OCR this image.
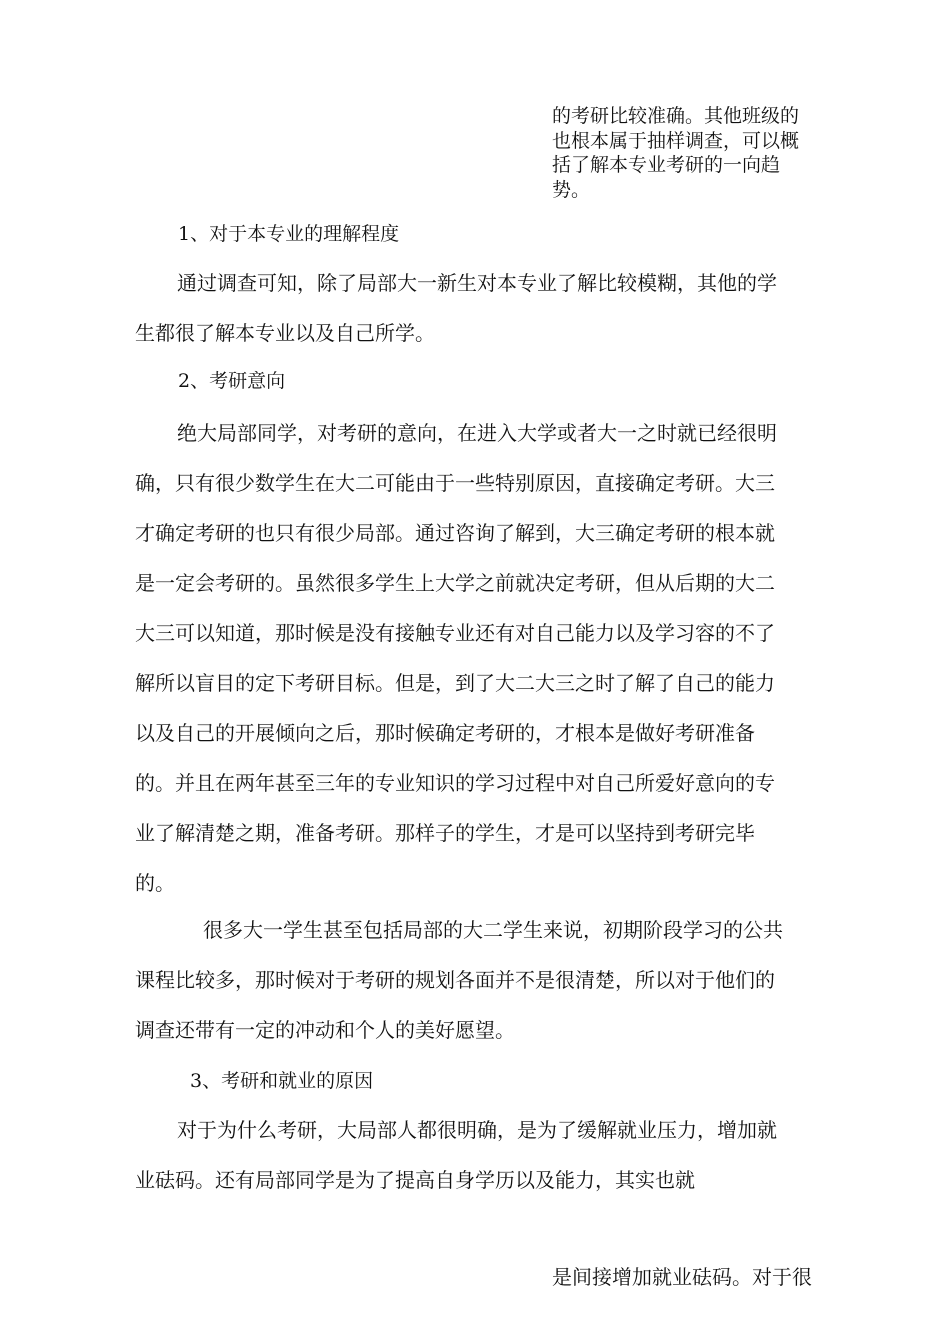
的考研比较准确。其他班级的
也根本属于抽样调查，可以概
括了解本专业考研的一向趋
势。
1、对于本专业的理解程度
通过调查可知，除了局部大一新生对本专业了解比较模糊，其他的学
生都很了解本专业以及自己所学。
2、考研意向
绝大局部同学，对考研的意向，在进入大学或者大一之时就已经很明
确，只有很少数学生在大二可能由于一些特别原因，直接确定考研。大三
才确定考研的也只有很少局部。通过咨询了解到，大三确定考研的根本就
是一定会考研的。虽然很多学生上大学之前就决定考研，但从后期的大二
大三可以知道，那时候是没有接触专业还有对自己能力以及学习容的不了
解所以盲目的定下考研目标。但是，到了大二大三之时了解了自己的能力
以及自己的开展倾向之后，那时候确定考研的，才根本是做好考研准备
的。并且在两年甚至三年的专业知识的学习过程中对自己所爱好意向的专
业了解清楚之期，准备考研。那样子的学生，才是可以坚持到考研完毕
的。
很多大一学生甚至包括局部的大二学生来说，初期阶段学习的公共
课程比较多，那时候对于考研的规划各面并不是很清楚，所以对于他们的
调查还带有一定的冲动和个人的美好愿望。
3、考研和就业的原因
对于为什么考研，大局部人都很明确，是为了缓解就业压力，增加就
业砝码。还有局部同学是为了提高自身学历以及能力，其实也就
是间接增加就业砝码。对于很
